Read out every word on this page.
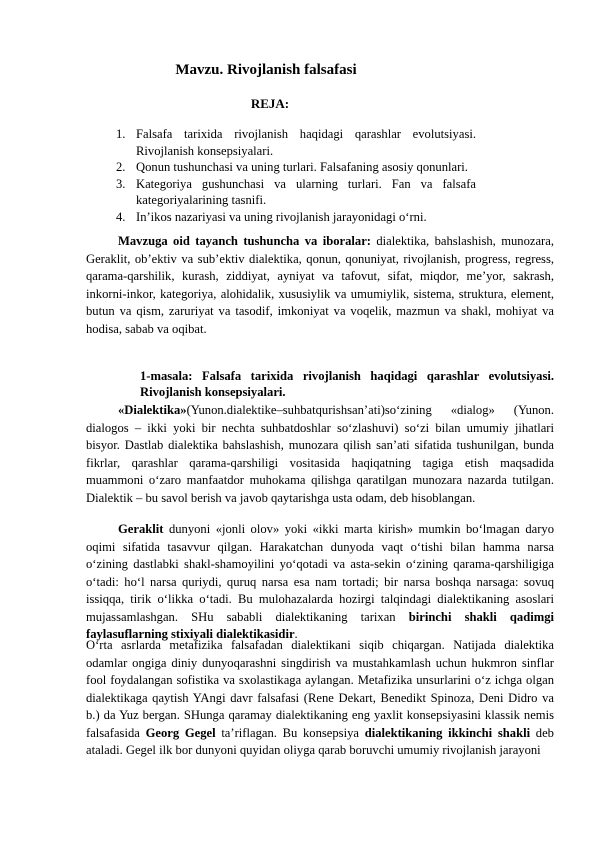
Mavzu. Rivojlanish falsafasi
REJA:
1. Falsafa tarixida rivojlanish haqidagi qarashlar evolutsiyasi. Rivojlanish konsepsiyalari.
2. Qonun tushunchasi va uning turlari. Falsafaning asosiy qonunlari.
3. Kategoriya gushunchasi va ularning turlari. Fan va falsafa kategoriyalarining tasnifi.
4. In’ikos nazariyasi va uning rivojlanish jarayonidagi o‘rni.

Mavzuga oid tayanch tushuncha va iboralar: dialektika, bahslashish, munozara, Geraklit, ob’ektiv va sub’ektiv dialektika, qonun, qonuniyat, rivojlanish, progress, regress, qarama-qarshilik, kurash, ziddiyat, ayniyat va tafovut, sifat, miqdor, me’yor, sakrash, inkorni-inkor, kategoriya, alohidalik, xususiylik va umumiylik, sistema, struktura, element, butun va qism, zaruriyat va tasodif, imkoniyat va voqelik, mazmun va shakl, mohiyat va hodisa, sabab va oqibat.

1-masala: Falsafa tarixida rivojlanish haqidagi qarashlar evolutsiyasi. Rivojlanish konsepsiyalari.

«Dialektika»(Yunon.dialektike–suhbatqurishsan’ati)so‘zining «dialog» (Yunon. dialogos – ikki yoki bir nechta suhbatdoshlar so‘zlashuvi) so‘zi bilan umumiy jihatlari bisyor. Dastlab dialektika bahslashish, munozara qilish san’ati sifatida tushunilgan, bunda fikrlar, qarashlar qarama-qarshiligi vositasida haqiqatning tagiga etish maqsadida muammoni o‘zaro manfaatdor muhokama qilishga qaratilgan munozara nazarda tutilgan. Dialektik – bu savol berish va javob qaytarishga usta odam, deb hisoblangan.

Geraklit dunyoni «jonli olov» yoki «ikki marta kirish» mumkin bo‘lmagan daryo oqimi sifatida tasavvur qilgan. Harakatchan dunyoda vaqt o‘tishi bilan hamma narsa o‘zining dastlabki shakl-shamoyilini yo‘qotadi va asta-sekin o‘zining qarama-qarshiligiga o‘tadi: ho‘l narsa quriydi, quruq narsa esa nam tortadi; bir narsa boshqa narsaga: sovuq issiqqa, tirik o‘likka o‘tadi. Bu mulohazalarda hozirgi talqindagi dialektikaning asoslari mujassamlashgan. SHu sababli dialektikaning tarixan birinchi shakli qadimgi faylasuflarning stixiyali dialektikasidir.

O‘rta asrlarda metafizika falsafadan dialektikani siqib chiqargan. Natijada dialektika odamlar ongiga diniy dunyoqarashni singdirish va mustahkamlash uchun hukmron sinflar fool foydalangan sofistika va sxolastikaga aylangan. Metafizika unsurlarini o‘z ichga olgan dialektikaga qaytish YAngi davr falsafasi (Rene Dekart, Benedikt Spinoza, Deni Didro va b.) da Yuz bergan. SHunga qaramay dialektikaning eng yaxlit konsepsiyasini klassik nemis falsafasida Georg Gegel ta’riflagan. Bu konsepsiya dialektikaning ikkinchi shakli deb ataladi. Gegel ilk bor dunyoni quyidan oliyga qarab boruvchi umumiy rivojlanish jarayoni
